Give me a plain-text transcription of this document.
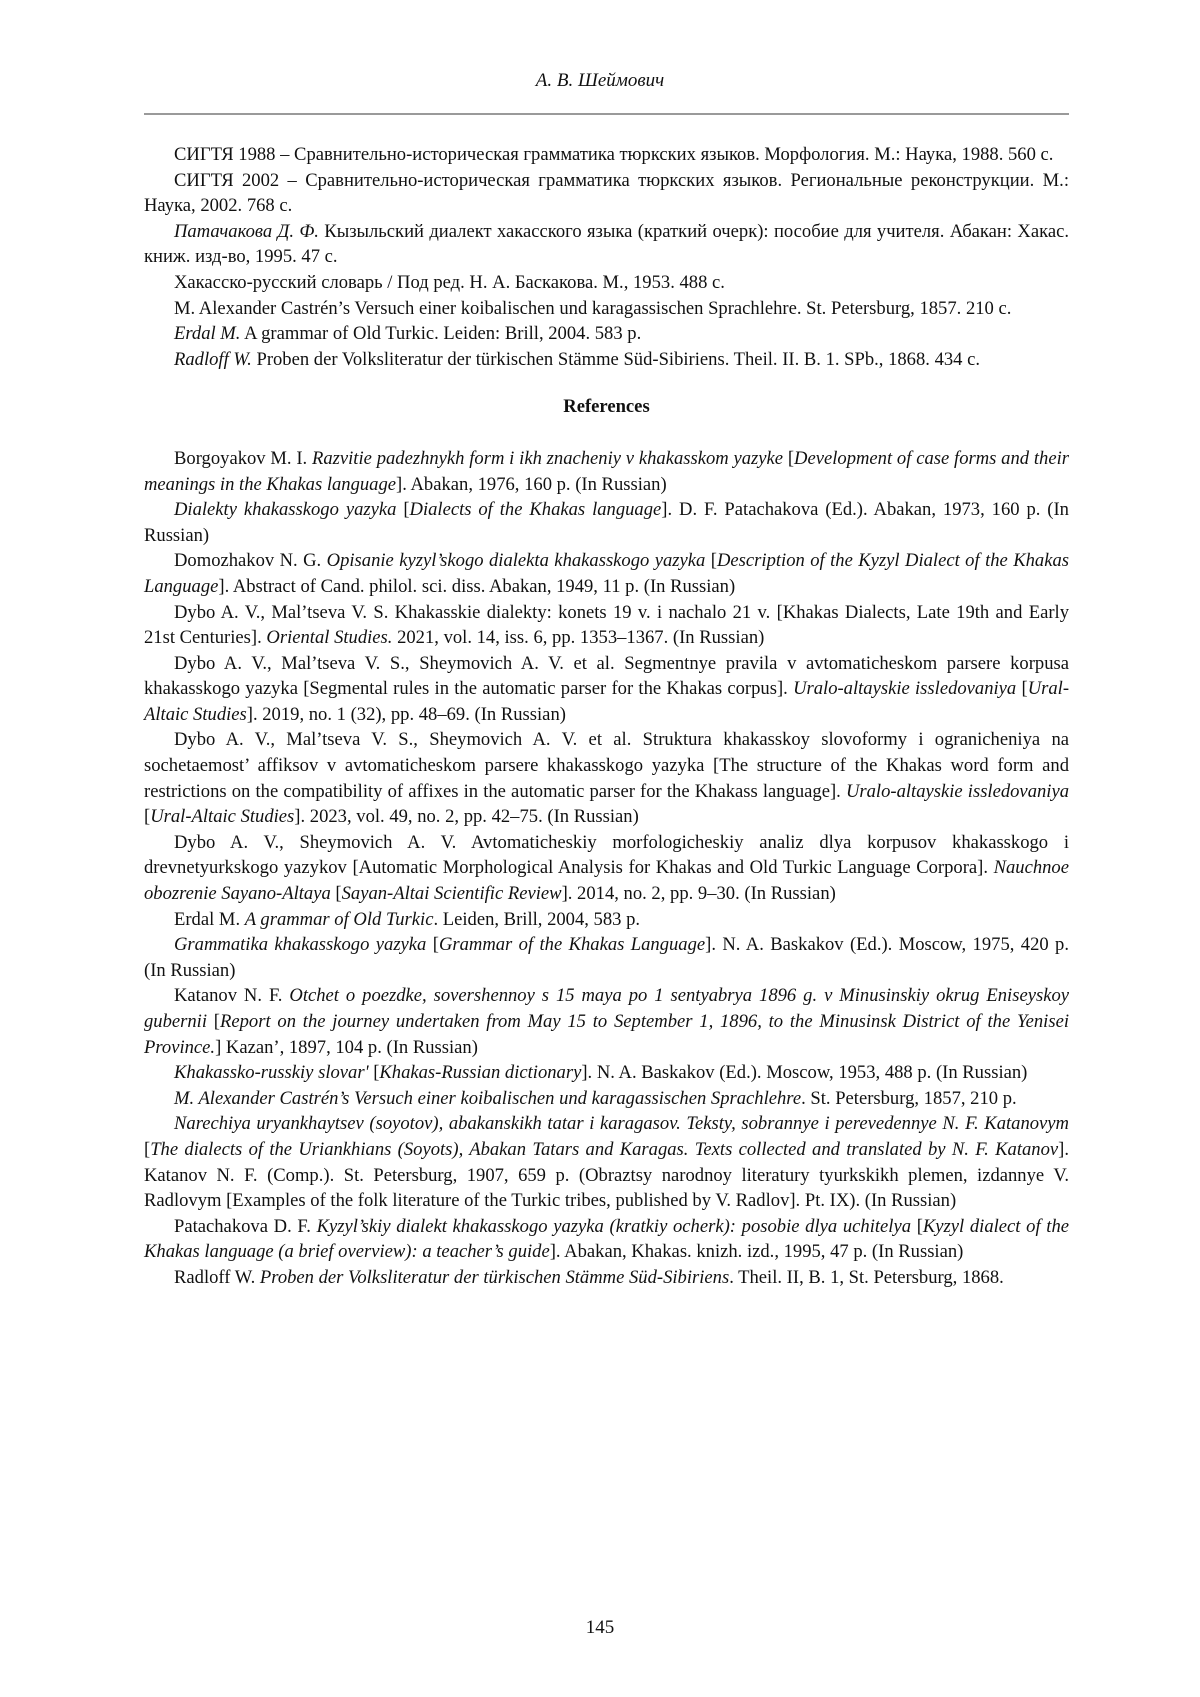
А. В. Шеймович

СИГТЯ 1988 – Сравнительно-историческая грамматика тюркских языков. Морфология. М.: Наука, 1988. 560 с.

СИГТЯ 2002 – Сравнительно-историческая грамматика тюркских языков. Региональные реконструкции. М.: Наука, 2002. 768 с.

Патачакова Д. Ф. Кызыльский диалект хакасского языка (краткий очерк): пособие для учителя. Абакан: Хакас. книж. изд-во, 1995. 47 с.

Хакасско-русский словарь / Под ред. Н. А. Баскакова. М., 1953. 488 с.

M. Alexander Castrén’s Versuch einer koibalischen und karagassischen Sprachlehre. St. Petersburg, 1857. 210 c.

Erdal M. A grammar of Old Turkic. Leiden: Brill, 2004. 583 p.

Radloff W. Proben der Volksliteratur der türkischen Stämme Süd-Sibiriens. Theil. II. B. 1. SPb., 1868. 434 с.

References

Borgoyakov M. I. Razvitie padezhnykh form i ikh znacheniy v khakasskom yazyke [Development of case forms and their meanings in the Khakas language]. Abakan, 1976, 160 p. (In Russian)

Dialekty khakasskogo yazyka [Dialects of the Khakas language]. D. F. Patachakova (Ed.). Abakan, 1973, 160 p. (In Russian)

Domozhakov N. G. Opisanie kyzyl’skogo dialekta khakasskogo yazyka [Description of the Kyzyl Dialect of the Khakas Language]. Abstract of Cand. philol. sci. diss. Abakan, 1949, 11 p. (In Russian)

Dybo A. V., Mal’tseva V. S. Khakasskie dialekty: konets 19 v. i nachalo 21 v. [Khakas Dialects, Late 19th and Early 21st Centuries]. Oriental Studies. 2021, vol. 14, iss. 6, pp. 1353–1367. (In Russian)

Dybo A. V., Mal’tseva V. S., Sheymovich A. V. et al. Segmentnye pravila v avtomaticheskom parsere korpusa khakasskogo yazyka [Segmental rules in the automatic parser for the Khakas corpus]. Uralo-altayskie issledovaniya [Ural-Altaic Studies]. 2019, no. 1 (32), pp. 48–69. (In Russian)

Dybo A. V., Mal’tseva V. S., Sheymovich A. V. et al. Struktura khakasskoy slovoformy i ogranicheniya na sochetaemost’ affiksov v avtomaticheskom parsere khakasskogo yazyka [The structure of the Khakas word form and restrictions on the compatibility of affixes in the automatic parser for the Khakass language]. Uralo-altayskie issledovaniya [Ural-Altaic Studies]. 2023, vol. 49, no. 2, pp. 42–75. (In Russian)

Dybo A. V., Sheymovich A. V. Avtomaticheskiy morfologicheskiy analiz dlya korpusov khakasskogo i drevnetyurkskogo yazykov [Automatic Morphological Analysis for Khakas and Old Turkic Language Corpora]. Nauchnoe obozrenie Sayano-Altaya [Sayan-Altai Scientific Review]. 2014, no. 2, pp. 9–30. (In Russian)

Erdal M. A grammar of Old Turkic. Leiden, Brill, 2004, 583 p.

Grammatika khakasskogo yazyka [Grammar of the Khakas Language]. N. A. Baskakov (Ed.). Moscow, 1975, 420 p. (In Russian)

Katanov N. F. Otchet o poezdke, sovershennoy s 15 maya po 1 sentyabrya 1896 g. v Minusinskiy okrug Eniseyskoy gubernii [Report on the journey undertaken from May 15 to September 1, 1896, to the Minusinsk District of the Yenisei Province.] Kazan’, 1897, 104 p. (In Russian)

Khakassko-russkiy slovar' [Khakas-Russian dictionary]. N. A. Baskakov (Ed.). Moscow, 1953, 488 p. (In Russian)

M. Alexander Castrén’s Versuch einer koibalischen und karagassischen Sprachlehre. St. Petersburg, 1857, 210 p.

Narechiya uryankhaytsev (soyotov), abakanskikh tatar i karagasov. Teksty, sobrannye i perevedennye N. F. Katanovym [The dialects of the Uriankhians (Soyots), Abakan Tatars and Karagas. Texts collected and translated by N. F. Katanov]. Katanov N. F. (Comp.). St. Petersburg, 1907, 659 p. (Obraztsy narodnoy literatury tyurkskikh plemen, izdannye V. Radlovym [Examples of the folk literature of the Turkic tribes, published by V. Radlov]. Pt. IX). (In Russian)

Patachakova D. F. Kyzyl’skiy dialekt khakasskogo yazyka (kratkiy ocherk): posobie dlya uchitelya [Kyzyl dialect of the Khakas language (a brief overview): a teacher’s guide]. Abakan, Khakas. knizh. izd., 1995, 47 p. (In Russian)

Radloff W. Proben der Volksliteratur der türkischen Stämme Süd-Sibiriens. Theil. II, B. 1, St. Petersburg, 1868.

145
